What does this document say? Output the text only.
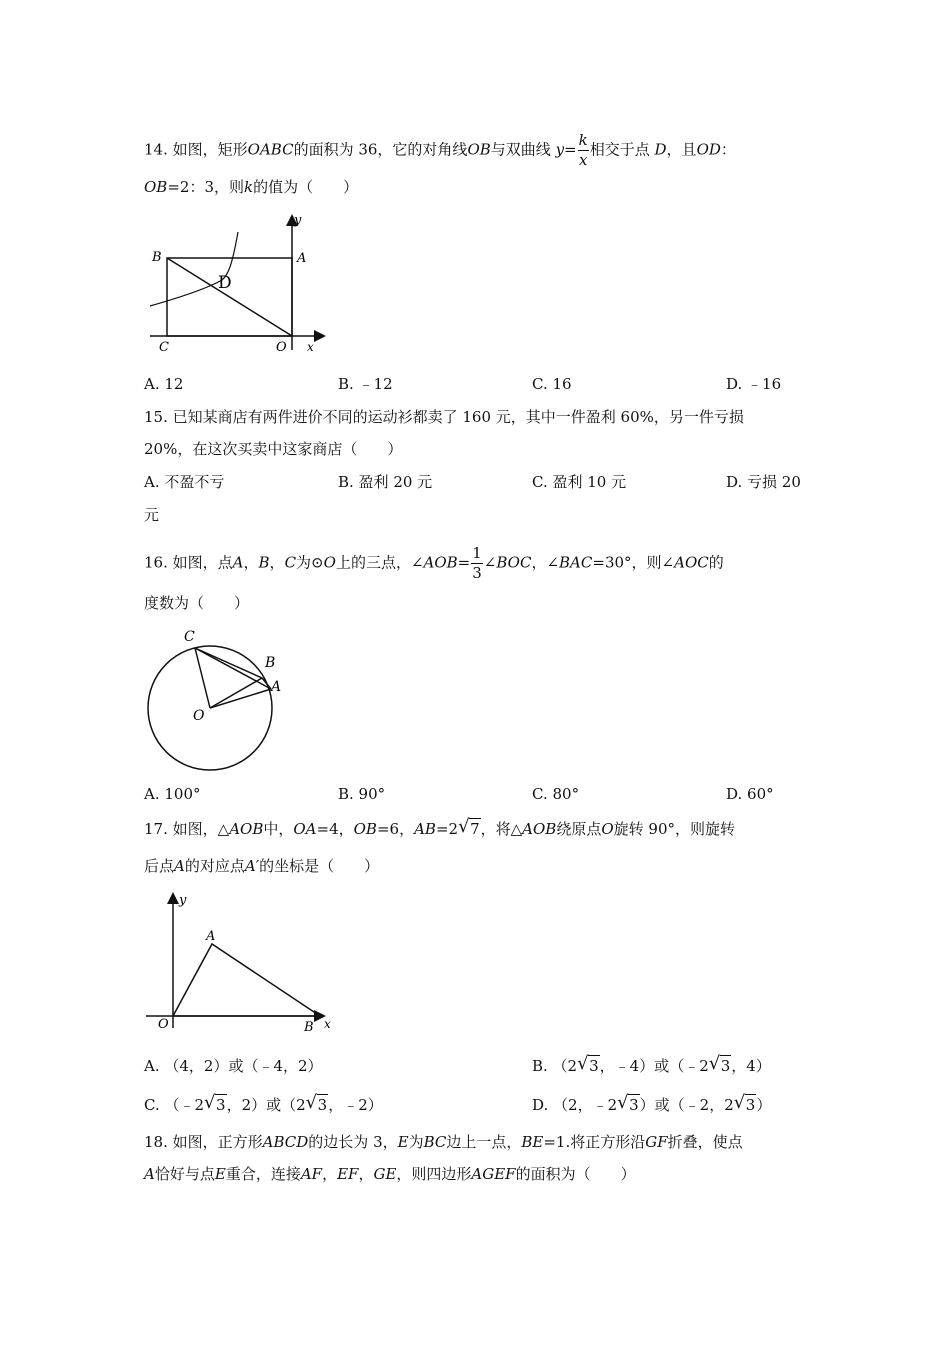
14. 如图，矩形OABC的面积为 36，它的对角线OB与双曲线 $y= \frac{k}{x}$ 相交于点 D，且OD：
OB=2：3，则k的值为（　　）
y
B	A
D
C	O x
A. 12	B. ﹣12	C. 16	D. ﹣16
15. 已知某商店有两件进价不同的运动衫都卖了 160 元，其中一件盈利 60%，另一件亏损
20%，在这次买卖中这家商店（　　）
A. 不盈不亏	B. 盈利 20 元	C. 盈利 10 元	D. 亏损 20
元
16. 如图，点A，B，C为⊙O上的三点，∠AOB= $\frac{1}{3}$ ∠BOC，∠BAC=30°，则∠AOC的
度数为（　　）
C
B
A
O
A. 100°	B. 90°	C. 80°	D. 60°
17. 如图，△AOB中，OA=4，OB=6，AB=2 √ 7，将△AOB绕原点O旋转 90°，则旋转
后点A的对应点A′的坐标是（　　）
y
A
O	B x
A. （4，2）或（﹣4，2）	B. （2 √ 3，﹣4）或（﹣2 √ 3，4）
C. （﹣2 √ 3，2）或（2 √ 3，﹣2）	D. （2，﹣2 √ 3）或（﹣2，2 √ 3）
18. 如图，正方形ABCD的边长为 3，E为BC边上一点，BE=1.将正方形沿GF折叠，使点
A恰好与点E重合，连接AF，EF，GE，则四边形AGEF的面积为（　　）
